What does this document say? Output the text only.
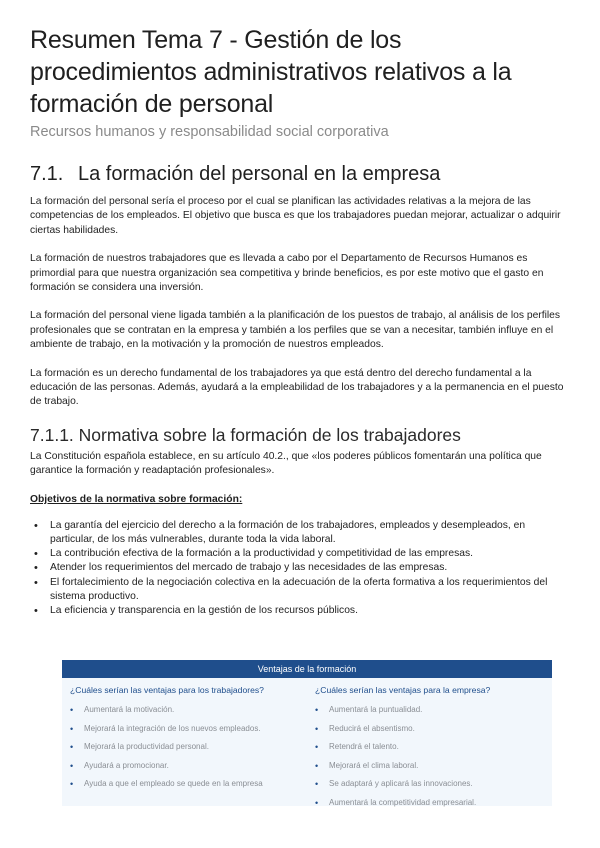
Resumen Tema 7 - Gestión de los procedimientos administrativos relativos a la formación de personal
Recursos humanos y responsabilidad social corporativa
7.1. La formación del personal en la empresa

La formación del personal sería el proceso por el cual se planifican las actividades relativas a la mejora de las competencias de los empleados. El objetivo que busca es que los trabajadores puedan mejorar, actualizar o adquirir ciertas habilidades.

La formación de nuestros trabajadores que es llevada a cabo por el Departamento de Recursos Humanos es primordial para que nuestra organización sea competitiva y brinde beneficios, es por este motivo que el gasto en formación se considera una inversión.

La formación del personal viene ligada también a la planificación de los puestos de trabajo, al análisis de los perfiles profesionales que se contratan en la empresa y también a los perfiles que se van a necesitar, también influye en el ambiente de trabajo, en la motivación y la promoción de nuestros empleados.

La formación es un derecho fundamental de los trabajadores ya que está dentro del derecho fundamental a la educación de las personas. Además, ayudará a la empleabilidad de los trabajadores y a la permanencia en el puesto de trabajo.

7.1.1. Normativa sobre la formación de los trabajadores

La Constitución española establece, en su artículo 40.2., que «los poderes públicos fomentarán una política que garantice la formación y readaptación profesionales».

Objetivos de la normativa sobre formación:
• La garantía del ejercicio del derecho a la formación de los trabajadores, empleados y desempleados, en particular, de los más vulnerables, durante toda la vida laboral.
• La contribución efectiva de la formación a la productividad y competitividad de las empresas.
• Atender los requerimientos del mercado de trabajo y las necesidades de las empresas.
• El fortalecimiento de la negociación colectiva en la adecuación de la oferta formativa a los requerimientos del sistema productivo.
• La eficiencia y transparencia en la gestión de los recursos públicos.
Ventajas de la formación
¿Cuáles serían las ventajas para los trabajadores?
• Aumentará la motivación.
• Mejorará la integración de los nuevos empleados.
• Mejorará la productividad personal.
• Ayudará a promocionar.
• Ayuda a que el empleado se quede en la empresa
¿Cuáles serían las ventajas para la empresa?
• Aumentará la puntualidad.
• Reducirá el absentismo.
• Retendrá el talento.
• Mejorará el clima laboral.
• Se adaptará y aplicará las innovaciones.
• Aumentará la competitividad empresarial.
